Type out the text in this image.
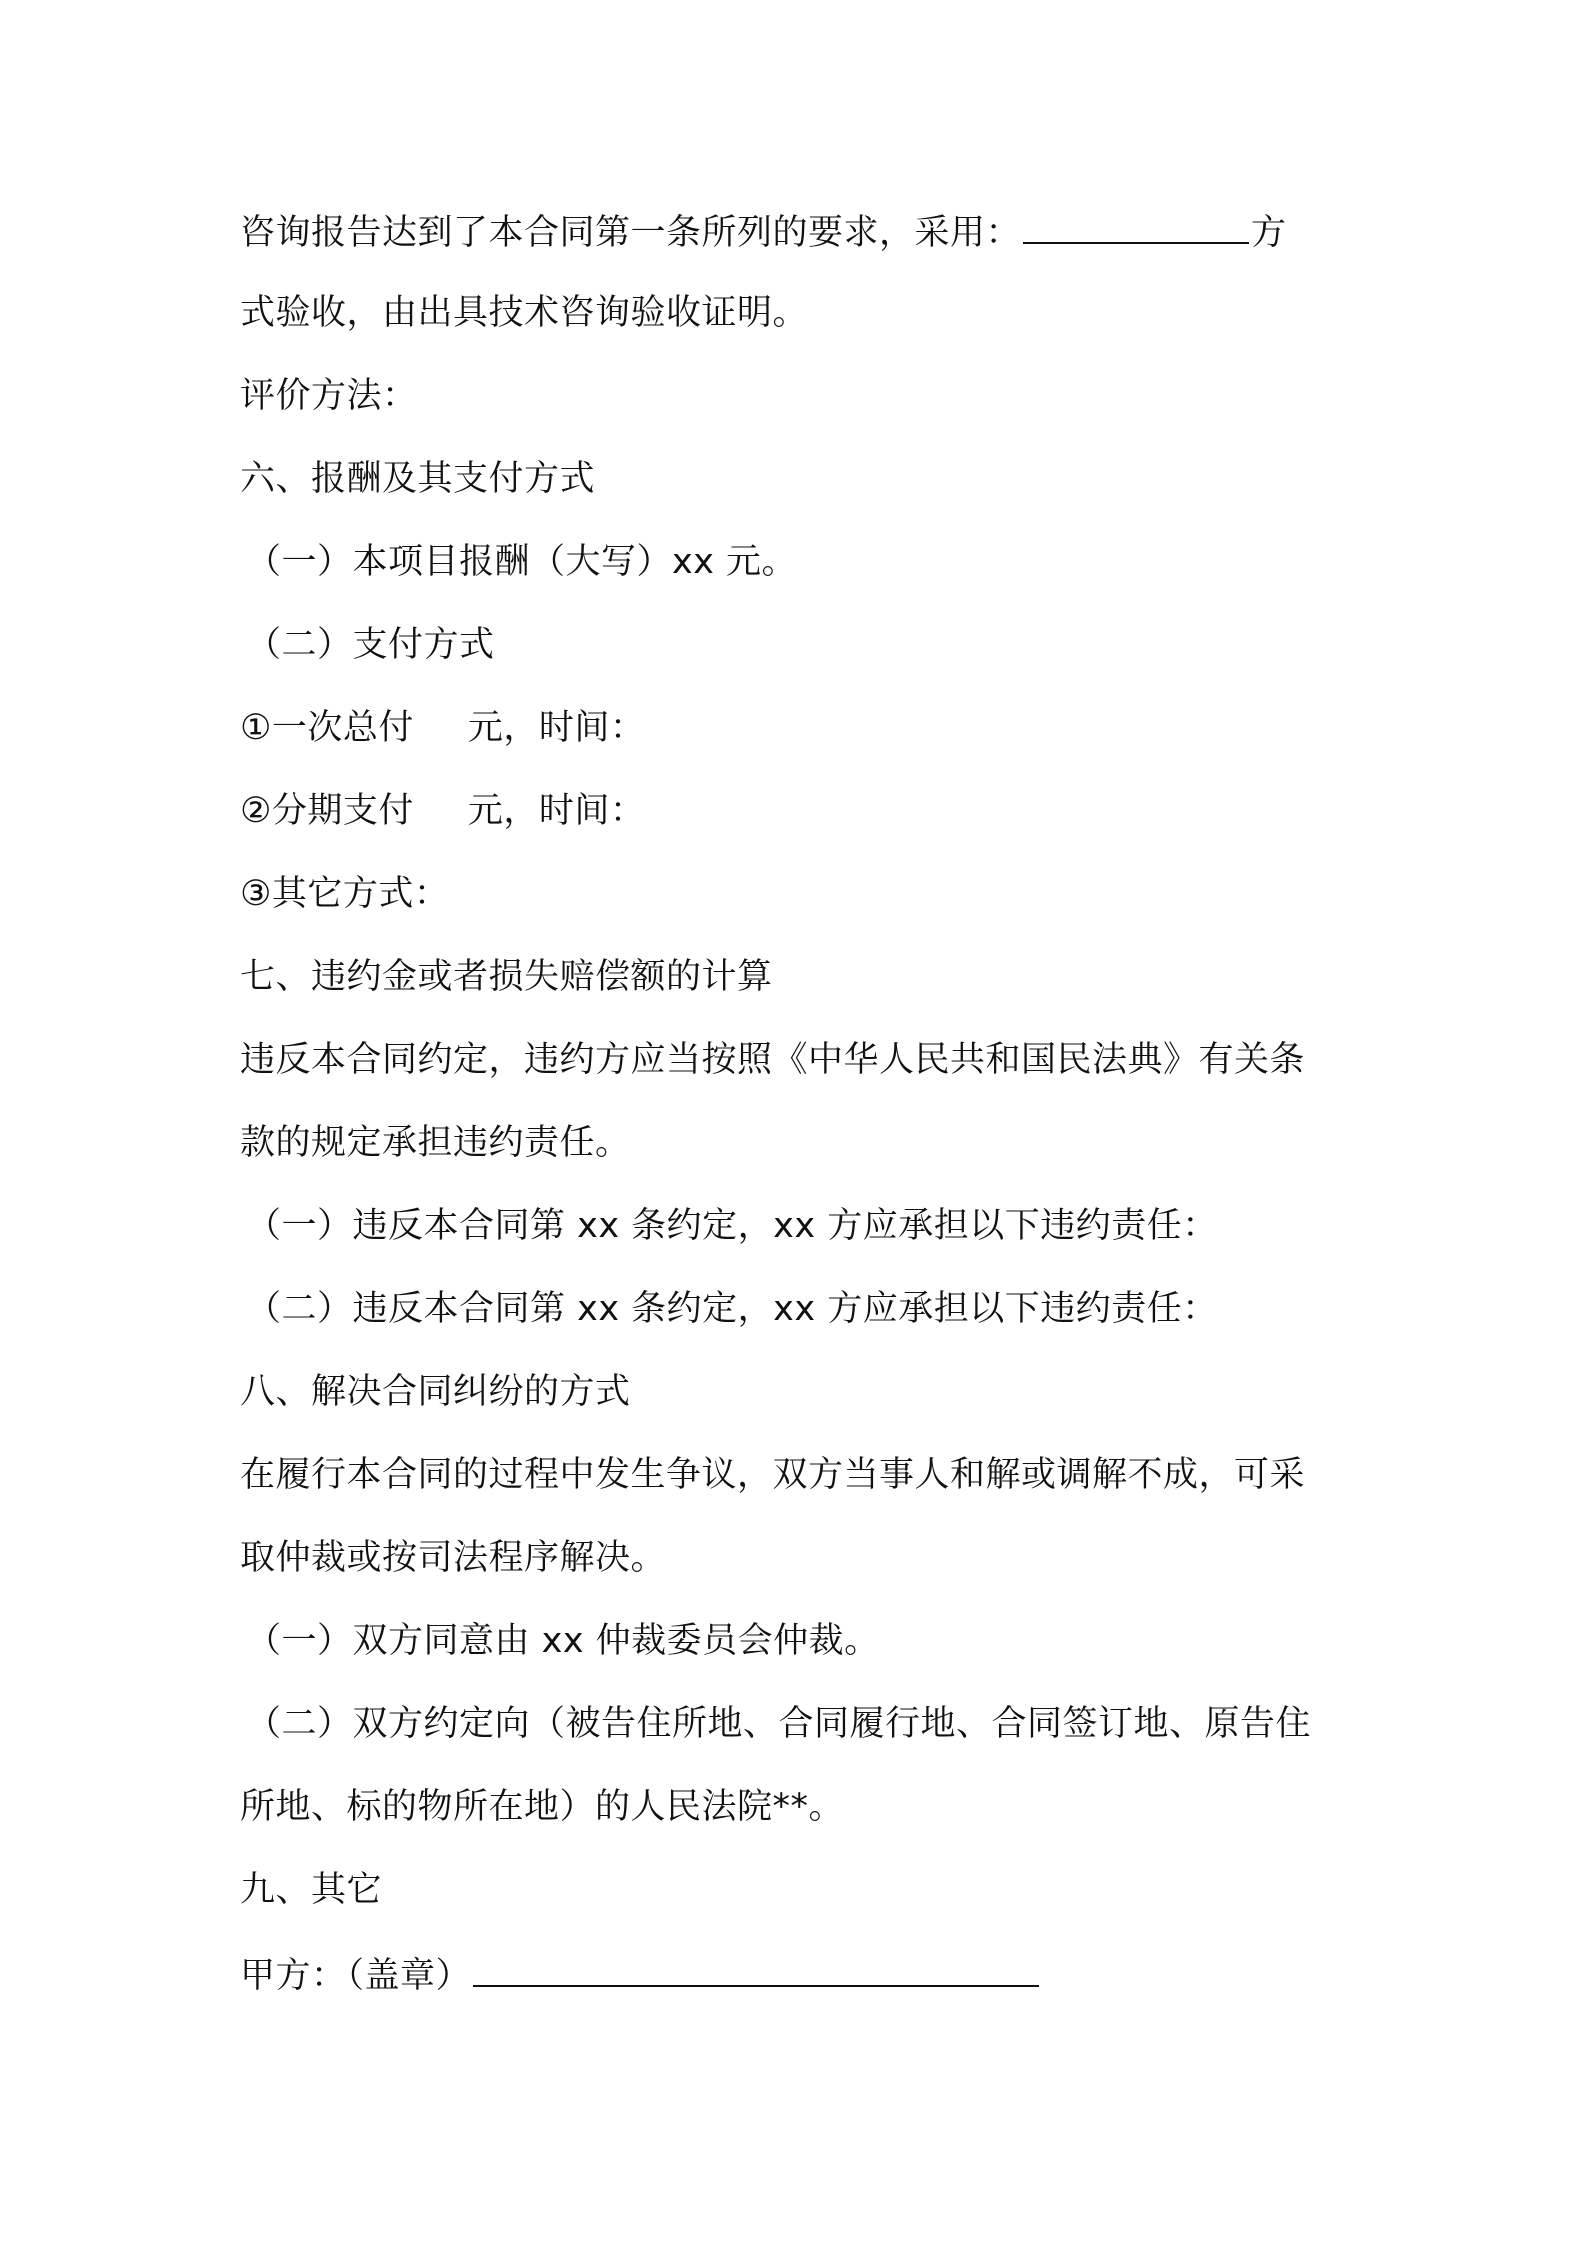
咨询报告达到了本合同第一条所列的要求，采用：	方
式验收，由出具技术咨询验收证明。
评价方法：
六、报酬及其支付方式
（一）本项目报酬（大写）xx 元。
（二）支付方式
①一次总付 元，时间：
②分期支付 元，时间：
③其它方式：
七、违约金或者损失赔偿额的计算
违反本合同约定，违约方应当按照《中华人民共和国民法典》有关条
款的规定承担违约责任。
（一）违反本合同第 xx 条约定，xx 方应承担以下违约责任：
（二）违反本合同第 xx 条约定，xx 方应承担以下违约责任：
八、解决合同纠纷的方式
在履行本合同的过程中发生争议，双方当事人和解或调解不成，可采
取仲裁或按司法程序解决。
（一）双方同意由 xx 仲裁委员会仲裁。
（二）双方约定向（被告住所地、合同履行地、合同签订地、原告住
所地、标的物所在地）的人民法院**。
九、其它
甲方：（盖章）
